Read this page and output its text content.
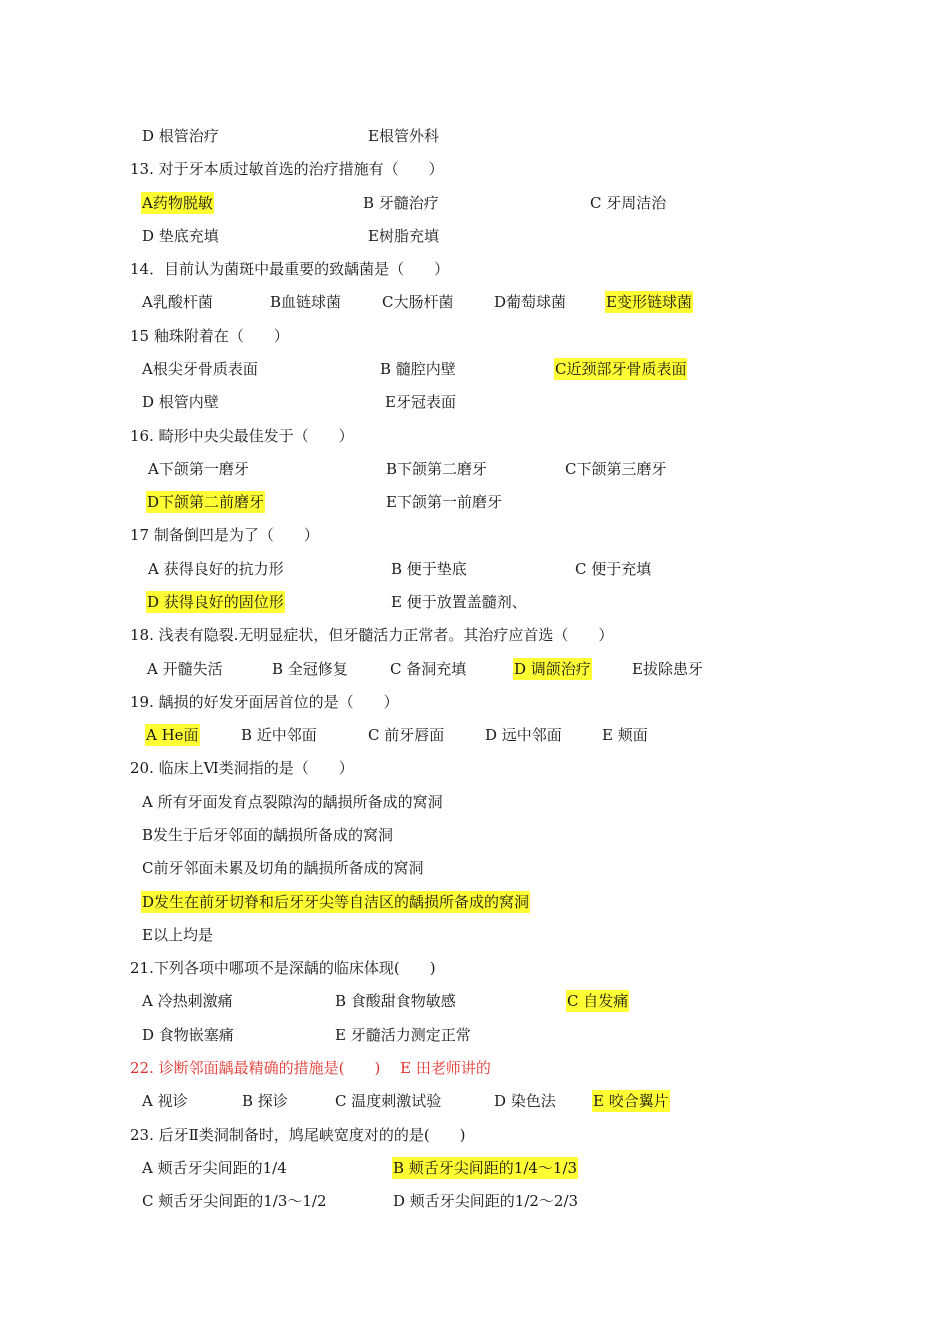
D 根管治疗	E根管外科
13. 对于牙本质过敏首选的治疗措施有（　　）
A药物脱敏	B 牙髓治疗	C 牙周洁治
D 垫底充填	E树脂充填
14．目前认为菌斑中最重要的致龋菌是（　　）
A乳酸杆菌	B血链球菌	C大肠杆菌	D葡萄球菌	E变形链球菌
15 釉珠附着在（　　）
A根尖牙骨质表面	B 髓腔内壁	C近颈部牙骨质表面
D 根管内壁	E牙冠表面
16. 畸形中央尖最佳发于（　　）
A下颌第一磨牙	B下颌第二磨牙	C下颌第三磨牙
D下颌第二前磨牙	E下颌第一前磨牙
17 制备倒凹是为了（　　）
A 获得良好的抗力形	B 便于垫底	C 便于充填
D 获得良好的固位形	E 便于放置盖髓剂、
18. 浅表有隐裂.无明显症状，但牙髓活力正常者。其治疗应首选（　　）
A 开髓失活	B 全冠修复	C 备洞充填	D 调颌治疗	E拔除患牙
19. 龋损的好发牙面居首位的是（　　）
A He面	B 近中邻面	C 前牙唇面	D 远中邻面	E 颊面
20. 临床上Ⅵ类洞指的是（　　）
A 所有牙面发育点裂隙沟的龋损所备成的窝洞
B发生于后牙邻面的龋损所备成的窝洞
C前牙邻面未累及切角的龋损所备成的窝洞
D发生在前牙切脊和后牙牙尖等自洁区的龋损所备成的窝洞
E以上均是
21.下列各项中哪项不是深龋的临床体现(　　)
A 冷热刺激痛	B 食酸甜食物敏感	C 自发痛
D 食物嵌塞痛	E 牙髓活力测定正常
22. 诊断邻面龋最精确的措施是(　　)　 E 田老师讲的
A 视诊	B 探诊	C 温度刺激试验	D 染色法 E 咬合翼片
23. 后牙Ⅱ类洞制备时，鸠尾峡宽度对的的是(　　)
A 颊舌牙尖间距的1/4	B 颊舌牙尖间距的1/4～1/3
C 颊舌牙尖间距的1/3～1/2	D 颊舌牙尖间距的1/2～2/3
